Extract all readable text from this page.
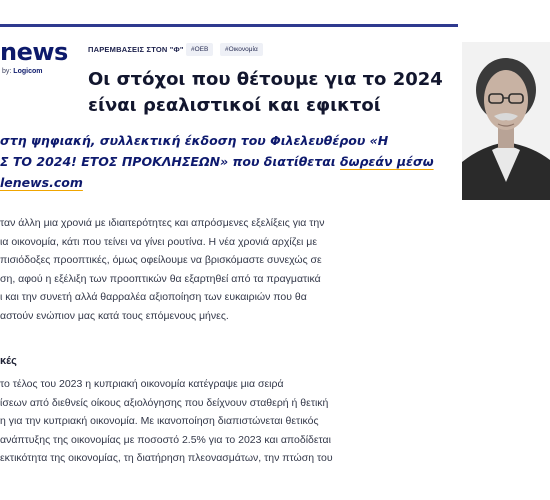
news
by: Logicom
ΠΑΡΕΜΒΑΣΕΙΣ ΣΤΟΝ "Φ"	#ΟΕΒ	#Οικονομία
Οι στόχοι που θέτουμε για το 2024
είναι ρεαλιστικοί και εφικτοί
στη ψηφιακή, συλλεκτική έκδοση του Φιλελευθέρου «Η
Σ ΤΟ 2024! ΕΤΟΣ ΠΡΟΚΛΗΣΕΩΝ» που διατίθεται δωρεάν μέσω
lenews.com
ταν άλλη μια χρονιά με ιδιαιτερότητες και απρόσμενες εξελίξεις για την
ια οικονομία, κάτι που τείνει να γίνει ρουτίνα. Η νέα χρονιά αρχίζει με
πισιόδοξες προοπτικές, όμως οφείλουμε να βρισκόμαστε συνεχώς σε
ση, αφού η εξέλιξη των προοπτικών θα εξαρτηθεί από τα πραγματικά
ι και την συνετή αλλά θαρραλέα αξιοποίηση των ευκαιριών που θα
αστούν ενώπιον μας κατά τους επόμενους μήνες.
κές
το τέλος του 2023 η κυπριακή οικονομία κατέγραψε μια σειρά
ίσεων από διεθνείς οίκους αξιολόγησης που δείχνουν σταθερή ή θετική
η για την κυπριακή οικονομία. Με ικανοποίηση διαπιστώνεται θετικός
ανάπτυξης της οικονομίας με ποσοστό 2.5% για το 2023 και αποδίδεται
εκτικότητα της οικονομίας, τη διατήρηση πλεονασμάτων, την πτώση του
